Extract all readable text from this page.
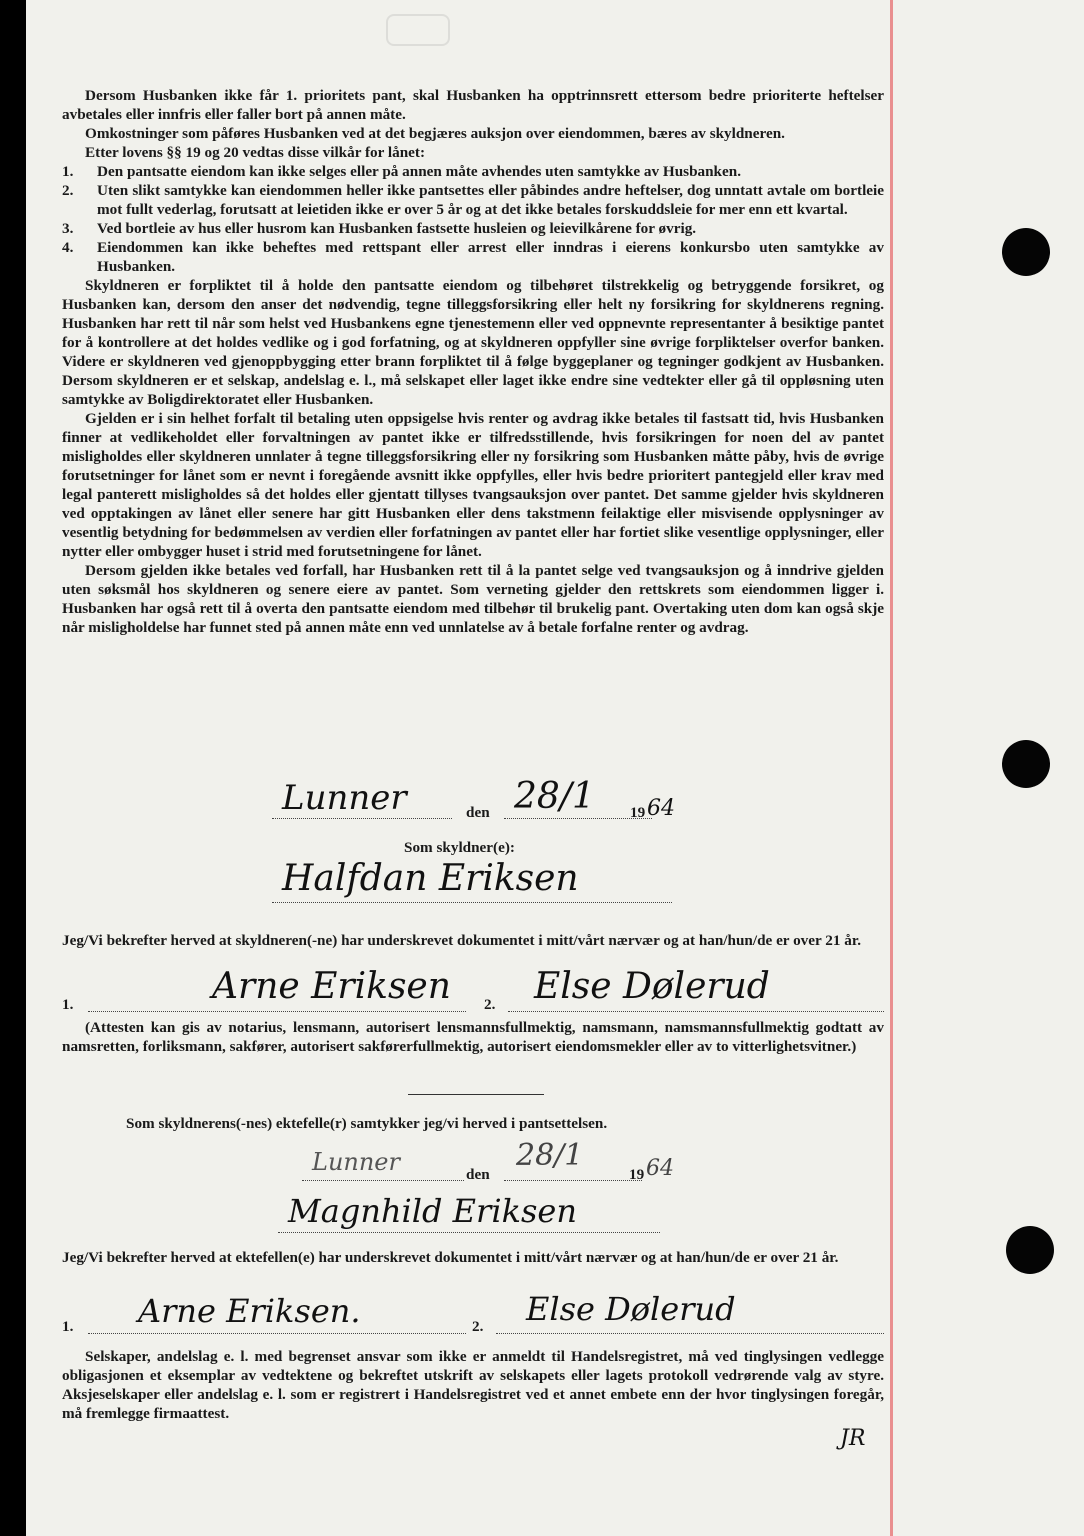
Dersom Husbanken ikke får 1. prioritets pant, skal Husbanken ha opptrinnsrett ettersom bedre prioriterte heftelser avbetales eller innfris eller faller bort på annen måte.

Omkostninger som påføres Husbanken ved at det begjæres auksjon over eiendommen, bæres av skyldneren.

Etter lovens §§ 19 og 20 vedtas disse vilkår for lånet:

1.	Den pantsatte eiendom kan ikke selges eller på annen måte avhendes uten samtykke av Husbanken.
2.	Uten slikt samtykke kan eiendommen heller ikke pantsettes eller påbindes andre heftelser, dog unntatt avtale om bortleie mot fullt vederlag, forutsatt at leietiden ikke er over 5 år og at det ikke betales forskuddsleie for mer enn ett kvartal.
3.	Ved bortleie av hus eller husrom kan Husbanken fastsette husleien og leievilkårene for øvrig.
4.	Eiendommen kan ikke beheftes med rettspant eller arrest eller inndras i eierens konkursbo uten samtykke av Husbanken.

Skyldneren er forpliktet til å holde den pantsatte eiendom og tilbehøret tilstrekkelig og betryggende forsikret, og Husbanken kan, dersom den anser det nødvendig, tegne tilleggsforsikring eller helt ny forsikring for skyldnerens regning. Husbanken har rett til når som helst ved Husbankens egne tjenestemenn eller ved oppnevnte representanter å besiktige pantet for å kontrollere at det holdes vedlike og i god forfatning, og at skyldneren oppfyller sine øvrige forpliktelser overfor banken. Videre er skyldneren ved gjenoppbygging etter brann forpliktet til å følge byggeplaner og tegninger godkjent av Husbanken. Dersom skyldneren er et selskap, andelslag e. l., må selskapet eller laget ikke endre sine vedtekter eller gå til oppløsning uten samtykke av Boligdirektoratet eller Husbanken.

Gjelden er i sin helhet forfalt til betaling uten oppsigelse hvis renter og avdrag ikke betales til fastsatt tid, hvis Husbanken finner at vedlikeholdet eller forvaltningen av pantet ikke er tilfredsstillende, hvis forsikringen for noen del av pantet misligholdes eller skyldneren unnlater å tegne tilleggsforsikring eller ny forsikring som Husbanken måtte påby, hvis de øvrige forutsetninger for lånet som er nevnt i foregående avsnitt ikke oppfylles, eller hvis bedre prioritert pantegjeld eller krav med legal panterett misligholdes så det holdes eller gjentatt tillyses tvangsauksjon over pantet. Det samme gjelder hvis skyldneren ved opptakingen av lånet eller senere har gitt Husbanken eller dens takstmenn feilaktige eller misvisende opplysninger av vesentlig betydning for bedømmelsen av verdien eller forfatningen av pantet eller har fortiet slike vesentlige opplysninger, eller nytter eller ombygger huset i strid med forutsetningene for lånet.

Dersom gjelden ikke betales ved forfall, har Husbanken rett til å la pantet selge ved tvangsauksjon og å inndrive gjelden uten søksmål hos skyldneren og senere eiere av pantet. Som verneting gjelder den rettskrets som eiendommen ligger i. Husbanken har også rett til å overta den pantsatte eiendom med tilbehør til brukelig pant. Overtaking uten dom kan også skje når misligholdelse har funnet sted på annen måte enn ved unnlatelse av å betale forfalne renter og avdrag.

Lunner	den 28/1 19 64
Som skyldner(e):
Halfdan Eriksen

Jeg/Vi bekrefter herved at skyldneren(-ne) har underskrevet dokumentet i mitt/vårt nærvær og at han/hun/de er over 21 år.

1.	Arne Eriksen 2. Else Dølerud

(Attesten kan gis av notarius, lensmann, autorisert lensmannsfullmektig, namsmann, namsmannsfullmektig godtatt av namsretten, forliksmann, sakfører, autorisert sakførerfullmektig, autorisert eiendomsmekler eller av to vitterlighetsvitner.)

Som skyldnerens(-nes) ektefelle(r) samtykker jeg/vi herved i pantsettelsen.
Lunner	den
28/1
19 64
Magnhild Eriksen

Jeg/Vi bekrefter herved at ektefellen(e) har underskrevet dokumentet i mitt/vårt nærvær og at han/hun/de er over 21 år.

1. Arne Eriksen.	2. Else Dølerud

Selskaper, andelslag e. l. med begrenset ansvar som ikke er anmeldt til Handelsregistret, må ved tinglysingen vedlegge obligasjonen et eksemplar av vedtektene og bekreftet utskrift av selskapets eller lagets protokoll vedrørende valg av styre. Aksjeselskaper eller andelslag e. l. som er registrert i Handelsregistret ved et annet embete enn der hvor tinglysingen foregår, må fremlegge firmaattest.

JR
